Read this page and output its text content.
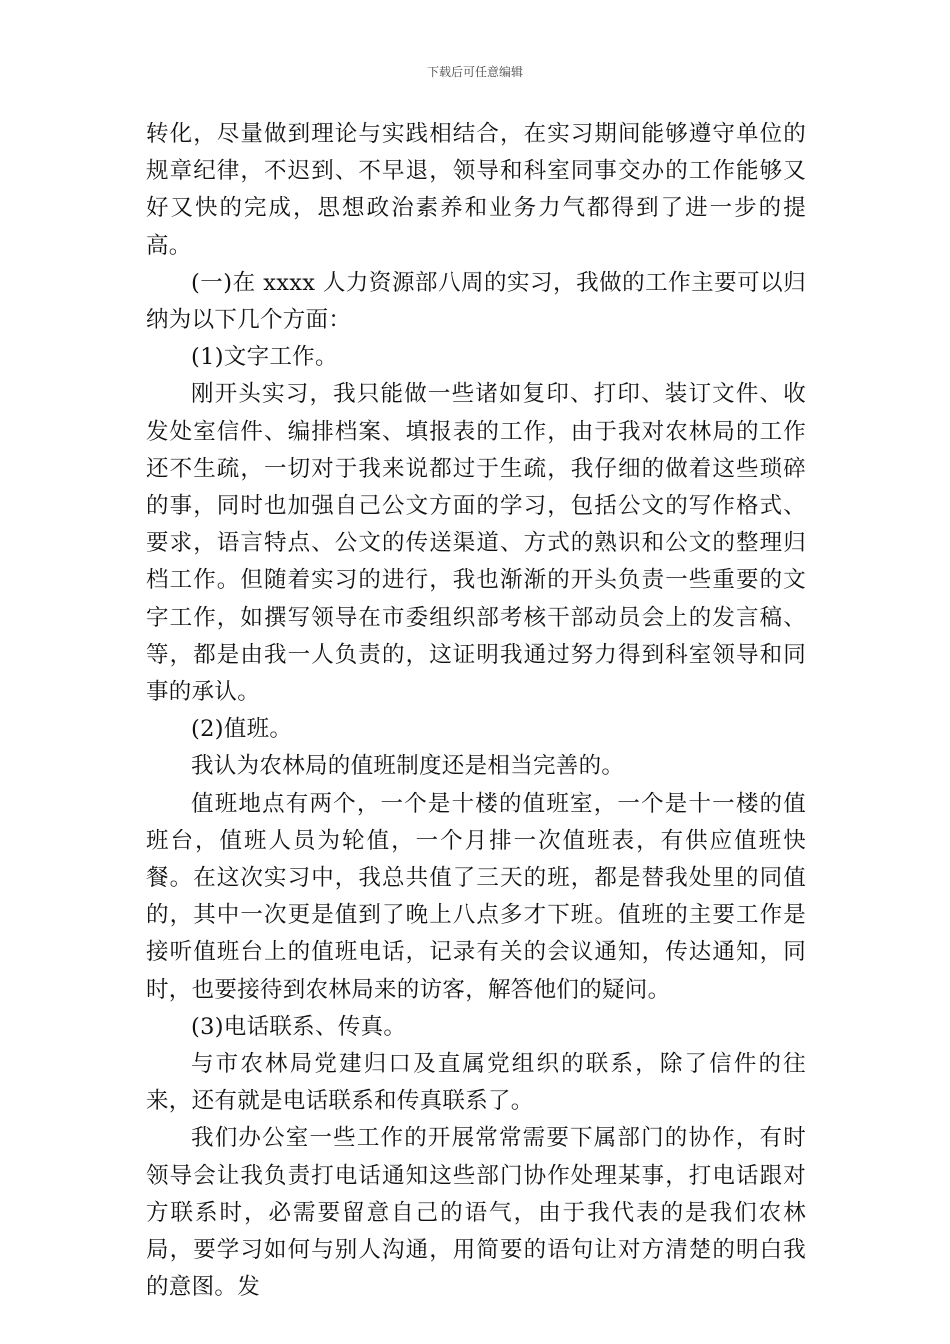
下载后可任意编辑

转化，尽量做到理论与实践相结合，在实习期间能够遵守单位的规章纪律，不迟到、不早退，领导和科室同事交办的工作能够又好又快的完成，思想政治素养和业务力气都得到了进一步的提高。

(一)在 xxxx 人力资源部八周的实习，我做的工作主要可以归纳为以下几个方面：

(1)文字工作。

刚开头实习，我只能做一些诸如复印、打印、装订文件、收发处室信件、编排档案、填报表的工作，由于我对农林局的工作还不生疏，一切对于我来说都过于生疏，我仔细的做着这些琐碎的事，同时也加强自己公文方面的学习，包括公文的写作格式、要求，语言特点、公文的传送渠道、方式的熟识和公文的整理归档工作。但随着实习的进行，我也渐渐的开头负责一些重要的文字工作，如撰写领导在市委组织部考核干部动员会上的发言稿、等，都是由我一人负责的，这证明我通过努力得到科室领导和同事的承认。

(2)值班。

我认为农林局的值班制度还是相当完善的。

值班地点有两个，一个是十楼的值班室，一个是十一楼的值班台，值班人员为轮值，一个月排一次值班表，有供应值班快餐。在这次实习中，我总共值了三天的班，都是替我处里的同值的，其中一次更是值到了晚上八点多才下班。值班的主要工作是接听值班台上的值班电话，记录有关的会议通知，传达通知，同时，也要接待到农林局来的访客，解答他们的疑问。

(3)电话联系、传真。

与市农林局党建归口及直属党组织的联系，除了信件的往来，还有就是电话联系和传真联系了。

我们办公室一些工作的开展常常需要下属部门的协作，有时领导会让我负责打电话通知这些部门协作处理某事，打电话跟对方联系时，必需要留意自己的语气，由于我代表的是我们农林局，要学习如何与别人沟通，用简要的语句让对方清楚的明白我的意图。发
